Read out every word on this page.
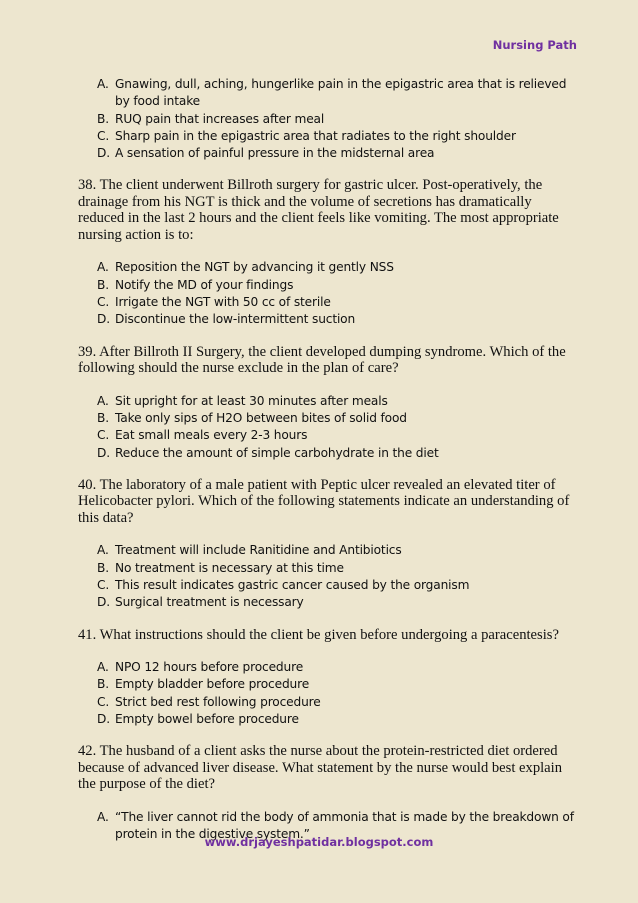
Nursing Path
A. Gnawing, dull, aching, hungerlike pain in the epigastric area that is relieved by food intake
B. RUQ pain that increases after meal
C. Sharp pain in the epigastric area that radiates to the right shoulder
D. A sensation of painful pressure in the midsternal area
38. The client underwent Billroth surgery for gastric ulcer. Post-operatively, the drainage from his NGT is thick and the volume of secretions has dramatically reduced in the last 2 hours and the client feels like vomiting. The most appropriate nursing action is to:
A. Reposition the NGT by advancing it gently NSS
B. Notify the MD of your findings
C. Irrigate the NGT with 50 cc of sterile
D. Discontinue the low-intermittent suction
39. After Billroth II Surgery, the client developed dumping syndrome. Which of the following should the nurse exclude in the plan of care?
A. Sit upright for at least 30 minutes after meals
B. Take only sips of H2O between bites of solid food
C. Eat small meals every 2-3 hours
D. Reduce the amount of simple carbohydrate in the diet
40. The laboratory of a male patient with Peptic ulcer revealed an elevated titer of Helicobacter pylori. Which of the following statements indicate an understanding of this data?
A. Treatment will include Ranitidine and Antibiotics
B. No treatment is necessary at this time
C. This result indicates gastric cancer caused by the organism
D. Surgical treatment is necessary
41. What instructions should the client be given before undergoing a paracentesis?
A. NPO 12 hours before procedure
B. Empty bladder before procedure
C. Strict bed rest following procedure
D. Empty bowel before procedure
42. The husband of a client asks the nurse about the protein-restricted diet ordered because of advanced liver disease. What statement by the nurse would best explain the purpose of the diet?
A. “The liver cannot rid the body of ammonia that is made by the breakdown of protein in the digestive system.”
www.drjayeshpatidar.blogspot.com
